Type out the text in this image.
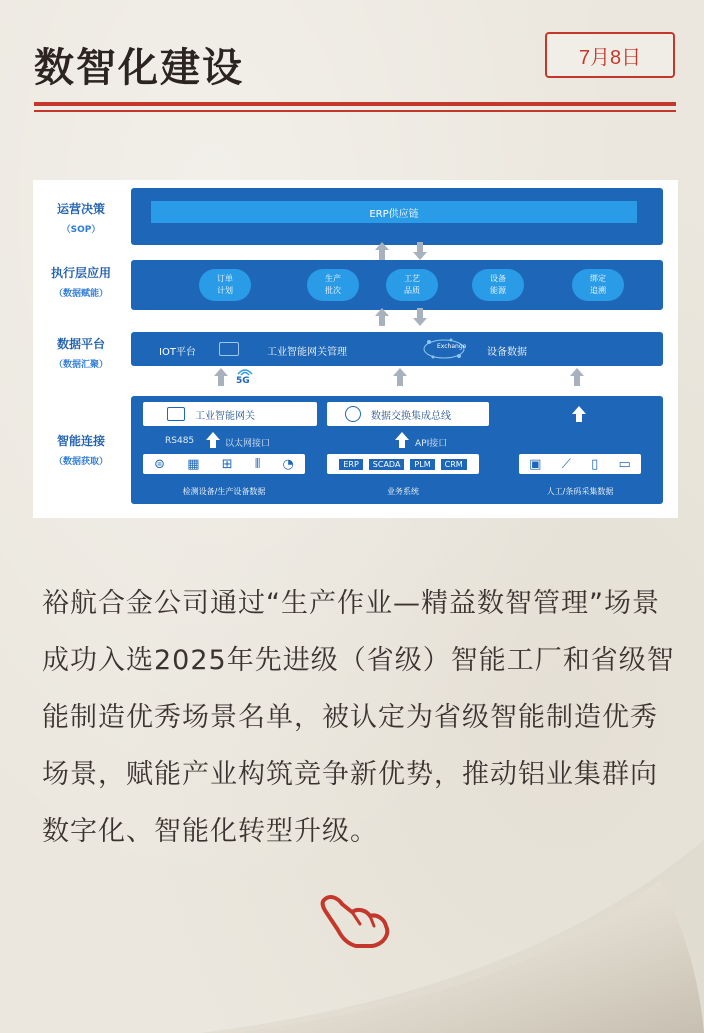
数智化建设	7月8日
运营决策
（SOP）
执行层应用
（数据赋能）
数据平台
（数据汇聚）
智能连接
（数据获取）
ERP供应链
订单
计划
生产
批次
工艺
品质
设备
能源
绑定
追溯
IOT平台	工业智能网关管理
Exchange
设备数据
5G
工业智能网关
RS485	以太网接口
⊜ ▦ ⊞ ⫴ ◔
检测设备/生产设备数据
数据交换集成总线
API接口
ERP	SCADA	PLM	CRM
业务系统
▣ ⟋ ▯ ▭
人工/条码采集数据
裕航合金公司通过“生产作业—精益数智管理”场景成功入选2025年先进级（省级）智能工厂和省级智能制造优秀场景名单，被认定为省级智能制造优秀场景，赋能产业构筑竞争新优势，推动铝业集群向数字化、智能化转型升级。
